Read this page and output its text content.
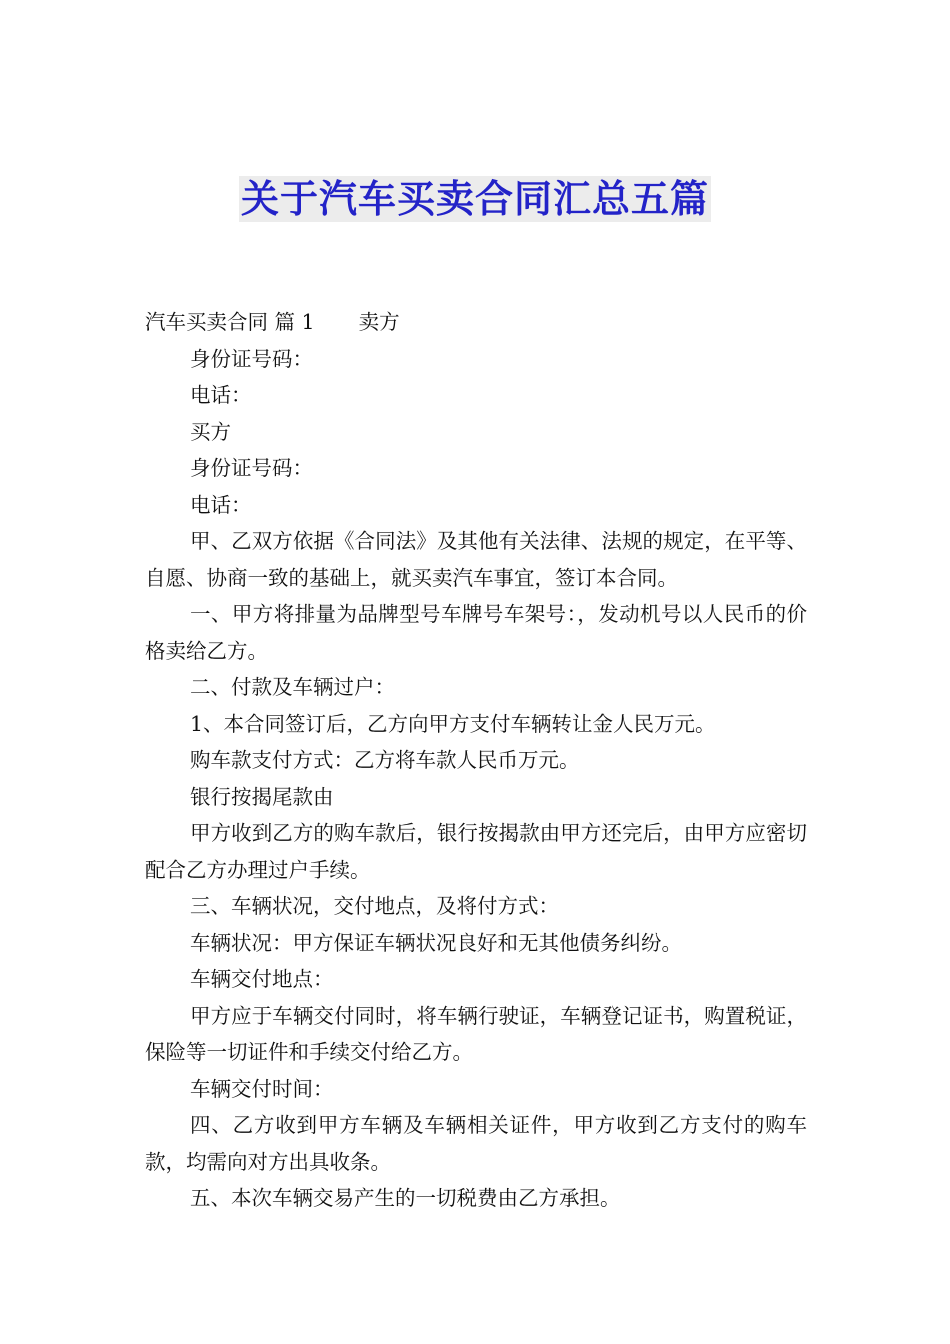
关于汽车买卖合同汇总五篇

汽车买卖合同 篇 1 卖方

身份证号码：

电话：

买方

身份证号码：

电话：

甲、乙双方依据《合同法》及其他有关法律、法规的规定，在平等、自愿、协商一致的基础上，就买卖汽车事宜，签订本合同。

一、甲方将排量为品牌型号车牌号车架号：，发动机号以人民币的价格卖给乙方。

二、付款及车辆过户：

1、本合同签订后，乙方向甲方支付车辆转让金人民万元。

购车款支付方式：乙方将车款人民币万元。

银行按揭尾款由

甲方收到乙方的购车款后，银行按揭款由甲方还完后，由甲方应密切配合乙方办理过户手续。

三、车辆状况，交付地点，及将付方式：

车辆状况：甲方保证车辆状况良好和无其他债务纠纷。

车辆交付地点：

甲方应于车辆交付同时，将车辆行驶证，车辆登记证书，购置税证，保险等一切证件和手续交付给乙方。

车辆交付时间：

四、乙方收到甲方车辆及车辆相关证件，甲方收到乙方支付的购车款，均需向对方出具收条。

五、本次车辆交易产生的一切税费由乙方承担。
